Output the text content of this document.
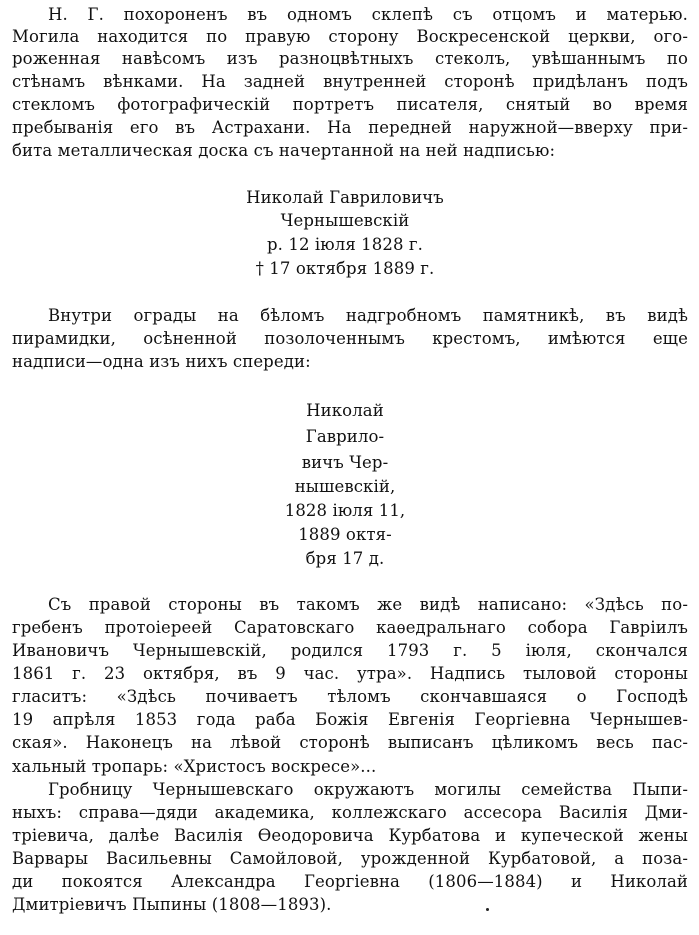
Н. Г. похороненъ въ одномъ склепѣ съ отцомъ и матерью.
Могила находится по правую сторону Воскресенской церкви, ого-
роженная навѣсомъ изъ разноцвѣтныхъ стеколъ, увѣшаннымъ по
стѣнамъ вѣнками. На задней внутренней сторонѣ придѣланъ подъ
стекломъ фотографическій портретъ писателя, снятый во время
пребыванія его въ Астрахани. На передней наружной—вверху при-
бита металлическая доска съ начертанной на ней надписью:
Николай Гавриловичъ
Чернышевскій
р. 12 іюля 1828 г.
† 17 октября 1889 г.
Внутри ограды на бѣломъ надгробномъ памятникѣ, въ видѣ
пирамидки, осѣненной позолоченнымъ крестомъ, имѣются еще
надписи—одна изъ нихъ спереди:
Николай
Гаврило-
вичъ Чер-
нышевскій,
1828 іюля 11,
1889 октя-
бря 17 д.
Съ правой стороны въ такомъ же видѣ написано: «Здѣсь по-
гребенъ протоіереей Саратовскаго каѳедральнаго собора Гавріилъ
Ивановичъ Чернышевскій, родился 1793 г. 5 іюля, скончался
1861 г. 23 октября, въ 9 час. утра». Надпись тыловой стороны
гласитъ: «Здѣсь почиваетъ тѣломъ скончавшаяся о Господѣ
19 апрѣля 1853 года раба Божія Евгенія Георгіевна Чернышев-
ская». Наконецъ на лѣвой сторонѣ выписанъ цѣликомъ весь пас-
хальный тропарь: «Христосъ воскресе»...
Гробницу Чернышевскаго окружаютъ могилы семейства Пыпи-
ныхъ: справа—дяди академика, коллежскаго ассесора Василія Дми-
тріевича, далѣе Василія Ѳеодоровича Курбатова и купеческой жены
Варвары Васильевны Самойловой, урожденной Курбатовой, а поза-
ди покоятся Александра Георгіевна (1806—1884) и Николай
Дмитріевичъ Пыпины (1808—1893).
